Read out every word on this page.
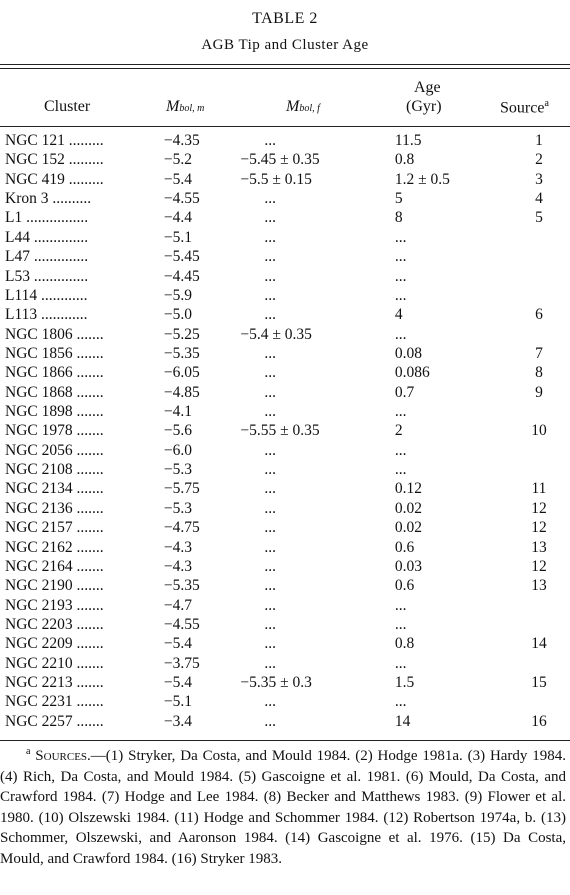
TABLE 2
AGB Tip and Cluster Age
Cluster	Mbol, m	Mbol, f
Age
(Gyr)	Source$^a$
NGC 121 .........	−4.35	...	11.5	1
NGC 152 .........	−5.2	−5.45 ± 0.35	0.8	2
NGC 419 .........	−5.4	−5.5 ± 0.15	1.2 ± 0.5	3
Kron 3 ..........	−4.55	...	5	4
L1 ................	−4.4	...	8	5
L44 ..............	−5.1	...	...	
L47 ..............	−5.45	...	...	
L53 ..............	−4.45	...	...	
L114 ............	−5.9	...	...	
L113 ............	−5.0	...	4	6
NGC 1806 .......	−5.25	−5.4 ± 0.35	...	
NGC 1856 .......	−5.35	...	0.08	7
NGC 1866 .......	−6.05	...	0.086	8
NGC 1868 .......	−4.85	...	0.7	9
NGC 1898 .......	−4.1	...	...	
NGC 1978 .......	−5.6	−5.55 ± 0.35	2	10
NGC 2056 .......	−6.0	...	...	
NGC 2108 .......	−5.3	...	...	
NGC 2134 .......	−5.75	...	0.12	11
NGC 2136 .......	−5.3	...	0.02	12
NGC 2157 .......	−4.75	...	0.02	12
NGC 2162 .......	−4.3	...	0.6	13
NGC 2164 .......	−4.3	...	0.03	12
NGC 2190 .......	−5.35	...	0.6	13
NGC 2193 .......	−4.7	...	...	
NGC 2203 .......	−4.55	...	...	
NGC 2209 .......	−5.4	...	0.8	14
NGC 2210 .......	−3.75	...	...	
NGC 2213 .......	−5.4	−5.35 ± 0.3	1.5	15
NGC 2231 .......	−5.1	...	...	
NGC 2257 .......	−3.4	...	14	16

$^a$ Sources.—(1) Stryker, Da Costa, and Mould 1984. (2) Hodge 1981a. (3) Hardy 1984. (4) Rich, Da Costa, and Mould 1984. (5) Gascoigne et al. 1981. (6) Mould, Da Costa, and Crawford 1984. (7) Hodge and Lee 1984. (8) Becker and Matthews 1983. (9) Flower et al. 1980. (10) Olszewski 1984. (11) Hodge and Schommer 1984. (12) Robertson 1974a, b. (13) Schommer, Olszewski, and Aaronson 1984. (14) Gascoigne et al. 1976. (15) Da Costa, Mould, and Crawford 1984. (16) Stryker 1983.
